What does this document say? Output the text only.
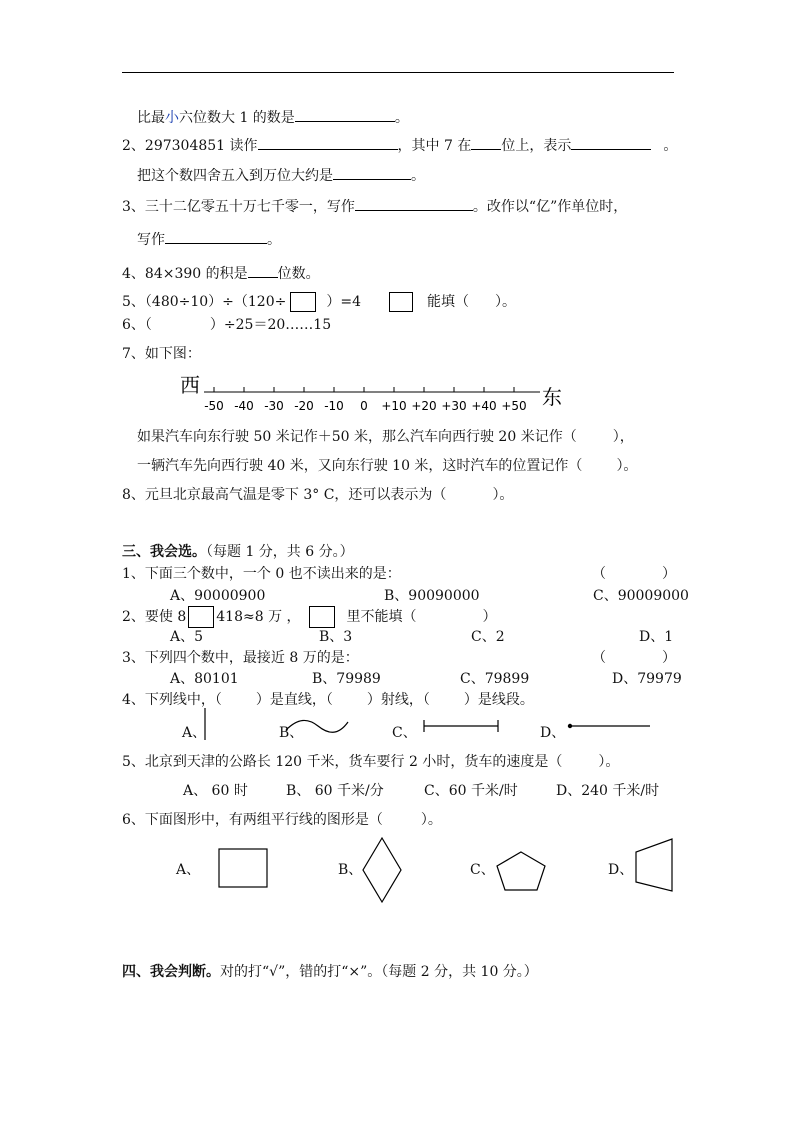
比最小六位数大 1 的数是	。
2、297304851 读作	，其中 7 在 位上，表示	。
把这个数四舍五入到万位大约是	。
3、三十二亿零五十万七千零一，写作	。改作以“亿”作单位时，
写作	。
4、84×390 的积是 位数。
5、（480÷10）÷（120÷	）=4	能填（ ）。
6、（	）÷25＝20……15
7、如下图：
西
-50 -40 -30 -20 -10 0 +10 +20 +30 +40 +50 东
如果汽车向东行驶 50 米记作＋50 米，那么汽车向西行驶 20 米记作（	），
一辆汽车先向西行驶 40 米，又向东行驶 10 米，这时汽车的位置记作（ ）。
8、元旦北京最高气温是零下 3° C，还可以表示为（	）。
三、我会选。（每题 1 分，共 6 分。）
1、下面三个数中，一个 0 也不读出来的是：	（	）
A、90000900	B、90090000	C、90009000
2、要使 8 418≈8 万 ，	里不能填（	）
A、5	B、3	C、2	D、1
3、下列四个数中，最接近 8 万的是：	（	）
A、80101	B、79989	C、79899	D、79979
4、下列线中，（ ）是直线，（ ）射线，（ ）是线段。
A、	B、	C、	D、
5、北京到天津的公路长 120 千米，货车要行 2 小时，货车的速度是（	）。
A、 60 时	B、 60 千米/分	C、60 千米/时	D、240 千米/时
6、下面图形中，有两组平行线的图形是（	）。
A、	B、	C、	D、
四、我会判断。对的打“√”，错的打“×”。（每题 2 分，共 10 分。）
